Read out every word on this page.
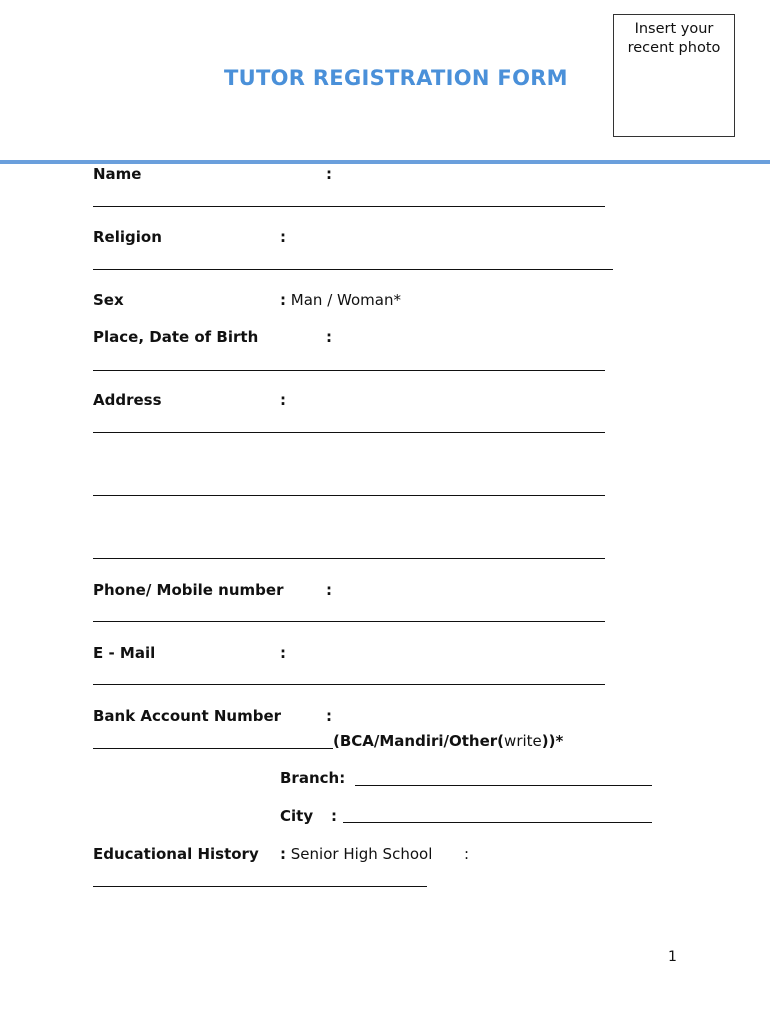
TUTOR REGISTRATION FORM
Insert your recent photo
Name	:
Religion	:
Sex	: Man / Woman*
Place, Date of Birth	:
Address	:
Phone/ Mobile number	:
E - Mail	:
Bank Account Number	:
(BCA/Mandiri/Other(write))*
Branch:
City :
Educational History : Senior High School :
1
